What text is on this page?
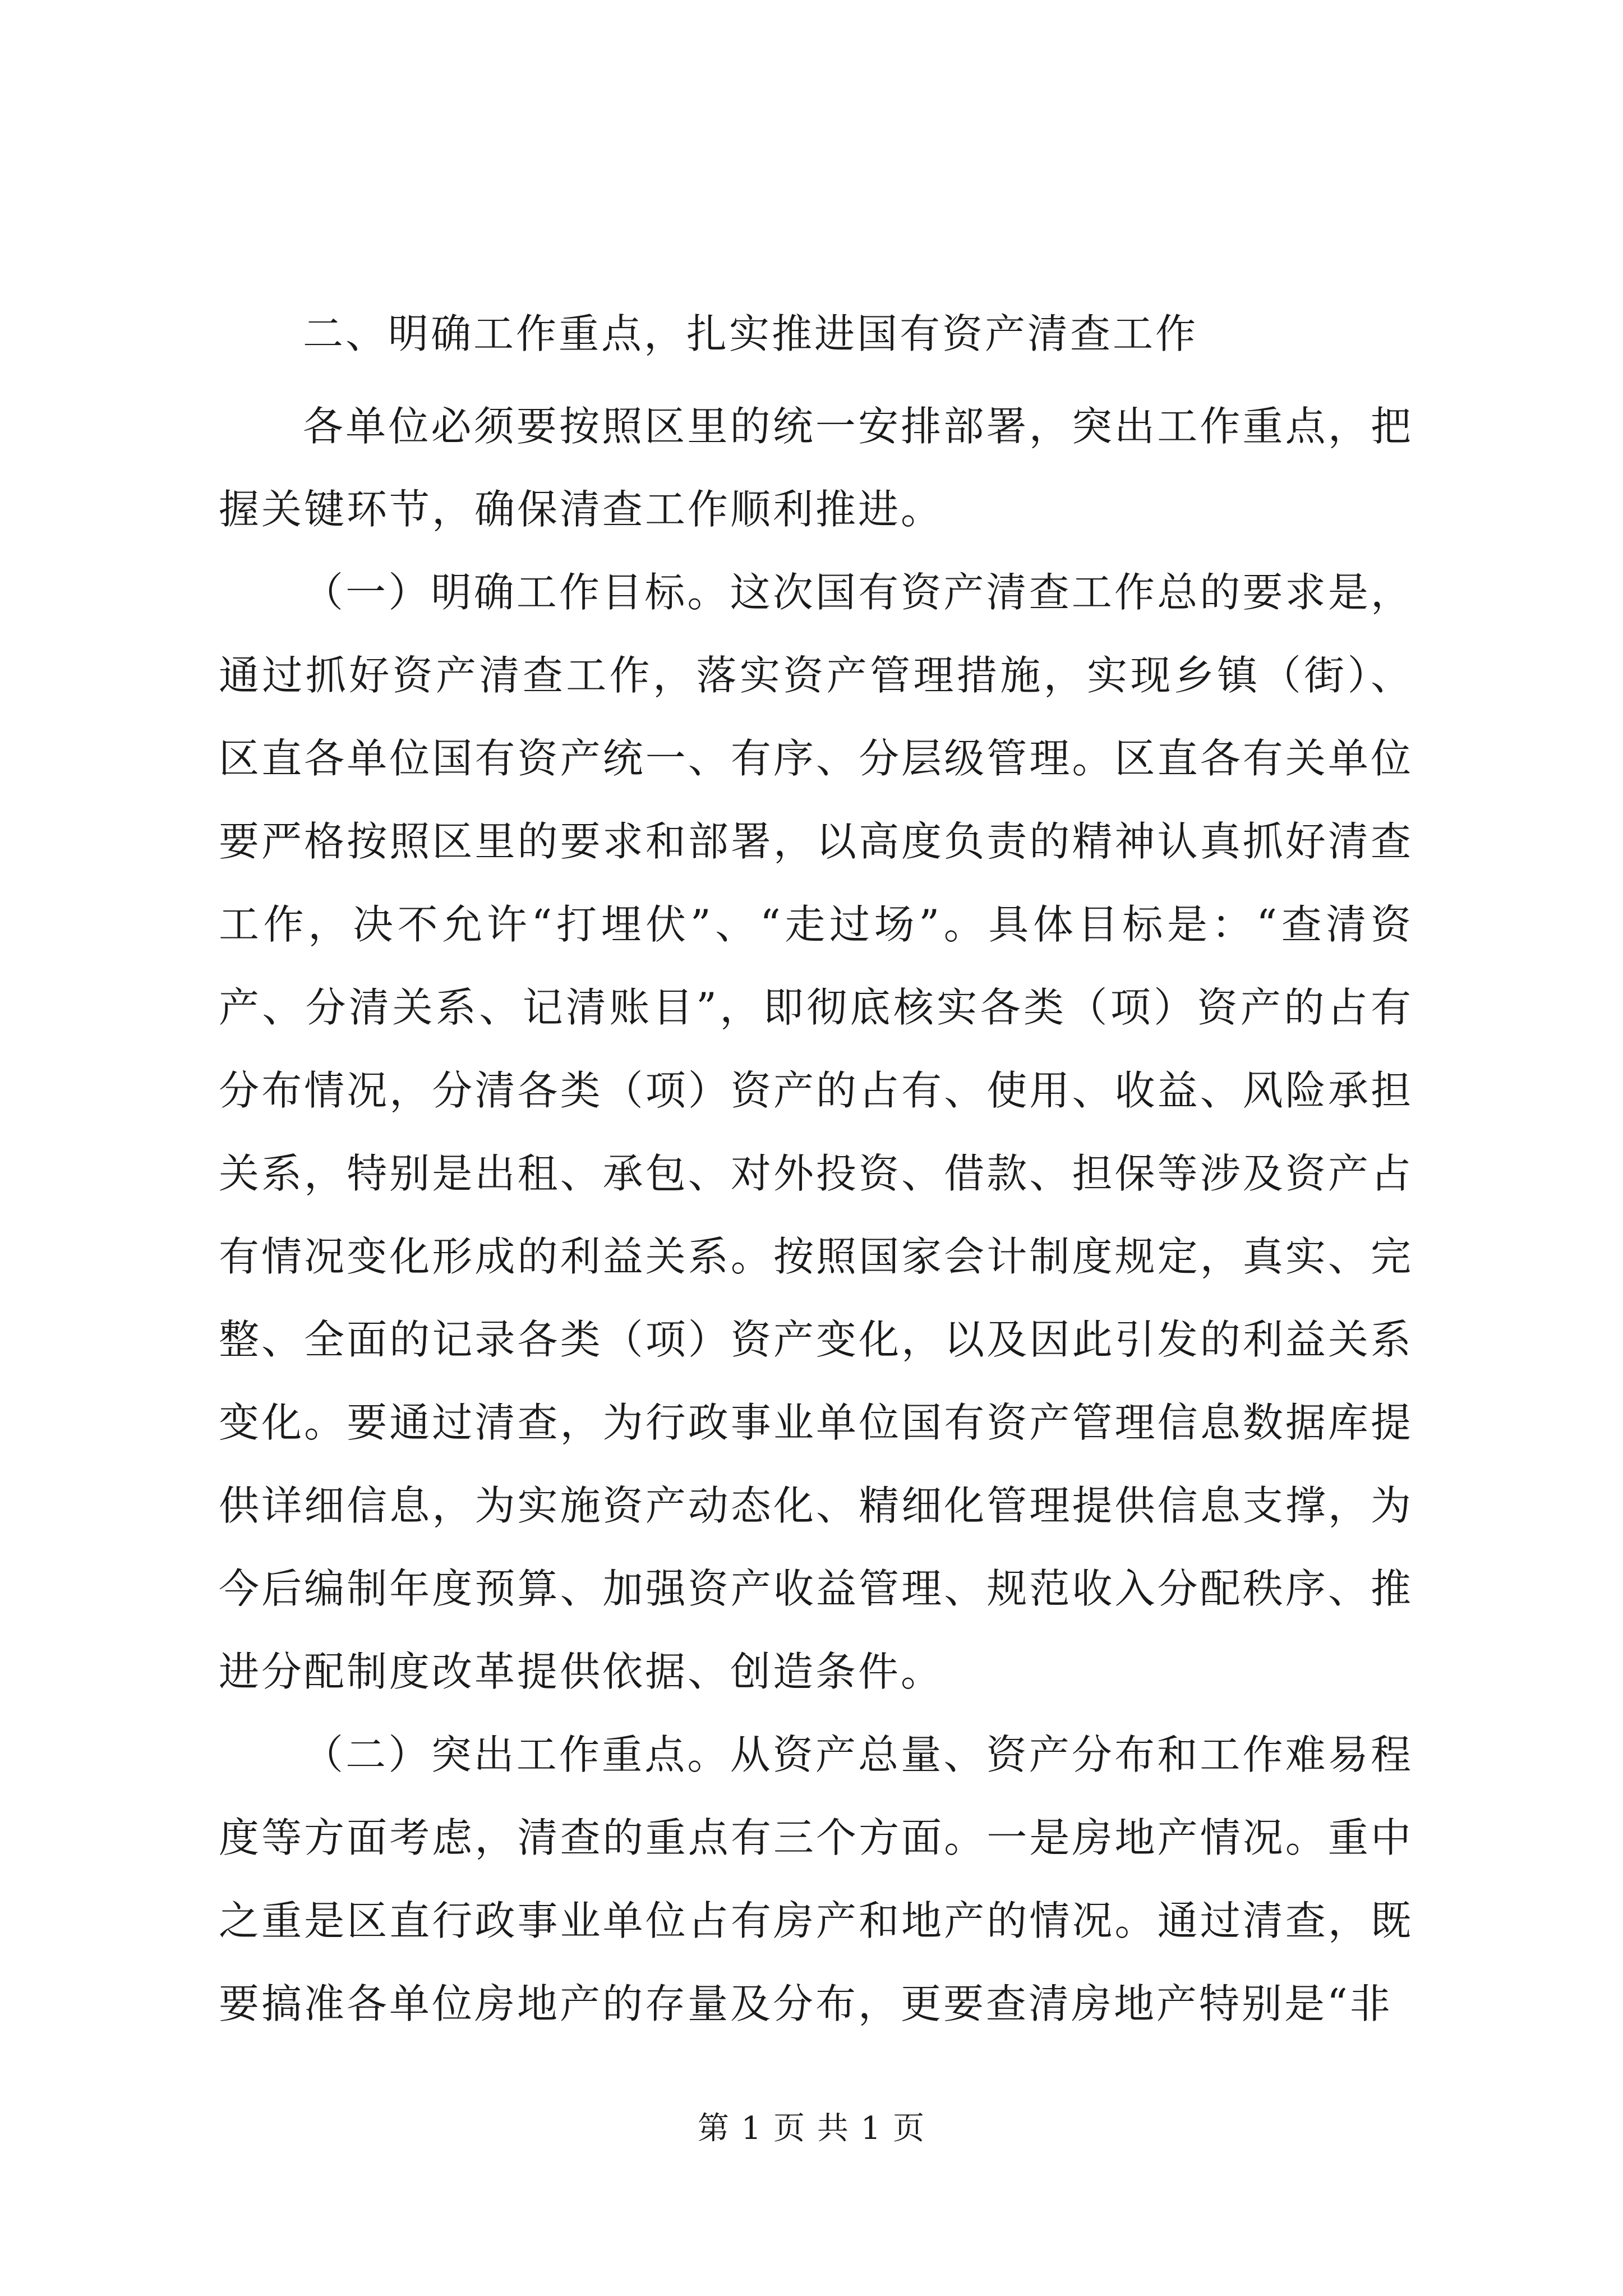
二、明确工作重点，扎实推进国有资产清查工作

各单位必须要按照区里的统一安排部署，突出工作重点，把握关键环节，确保清查工作顺利推进。

（一）明确工作目标。这次国有资产清查工作总的要求是，通过抓好资产清查工作，落实资产管理措施，实现乡镇（街）、区直各单位国有资产统一、有序、分层级管理。区直各有关单位要严格按照区里的要求和部署，以高度负责的精神认真抓好清查工作，决不允许“打埋伏”、“走过场”。具体目标是：“查清资产、分清关系、记清账目”，即彻底核实各类（项）资产的占有分布情况，分清各类（项）资产的占有、使用、收益、风险承担关系，特别是出租、承包、对外投资、借款、担保等涉及资产占有情况变化形成的利益关系。按照国家会计制度规定，真实、完整、全面的记录各类（项）资产变化，以及因此引发的利益关系变化。要通过清查，为行政事业单位国有资产管理信息数据库提供详细信息，为实施资产动态化、精细化管理提供信息支撑，为今后编制年度预算、加强资产收益管理、规范收入分配秩序、推进分配制度改革提供依据、创造条件。

（二）突出工作重点。从资产总量、资产分布和工作难易程度等方面考虑，清查的重点有三个方面。一是房地产情况。重中之重是区直行政事业单位占有房产和地产的情况。通过清查，既要搞准各单位房地产的存量及分布，更要查清房地产特别是“非

第 1 页 共 1 页
